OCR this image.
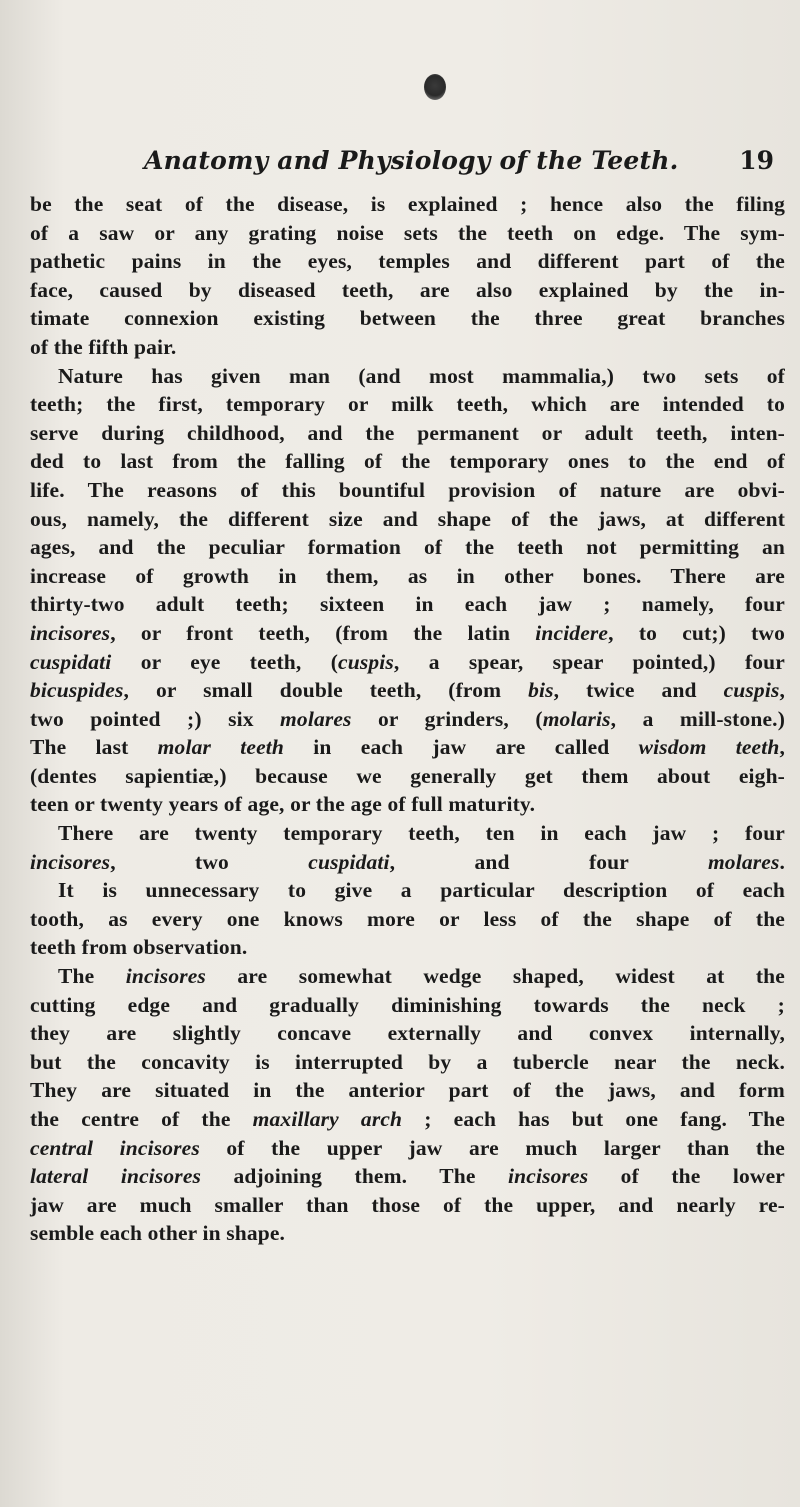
Anatomy and Physiology of the Teeth. 19
be the seat of the disease, is explained ; hence also the filing
of a saw or any grating noise sets the teeth on edge. The sym-
pathetic pains in the eyes, temples and different part of the
face, caused by diseased teeth, are also explained by the in-
timate connexion existing between the three great branches
of the fifth pair.
Nature has given man (and most mammalia,) two sets of
teeth; the first, temporary or milk teeth, which are intended to
serve during childhood, and the permanent or adult teeth, inten-
ded to last from the falling of the temporary ones to the end of
life. The reasons of this bountiful provision of nature are obvi-
ous, namely, the different size and shape of the jaws, at different
ages, and the peculiar formation of the teeth not permitting an
increase of growth in them, as in other bones. There are
thirty-two adult teeth; sixteen in each jaw ; namely, four
incisores, or front teeth, (from the latin incidere, to cut;) two
cuspidati or eye teeth, (cuspis, a spear, spear pointed,) four
bicuspides, or small double teeth, (from bis, twice and cuspis,
two pointed ;) six molares or grinders, (molaris, a mill-stone.)
The last molar teeth in each jaw are called wisdom teeth,
(dentes sapientiæ,) because we generally get them about eigh-
teen or twenty years of age, or the age of full maturity.
There are twenty temporary teeth, ten in each jaw ; four
incisores, two cuspidati, and four molares.
It is unnecessary to give a particular description of each
tooth, as every one knows more or less of the shape of the
teeth from observation.
The incisores are somewhat wedge shaped, widest at the
cutting edge and gradually diminishing towards the neck ;
they are slightly concave externally and convex internally,
but the concavity is interrupted by a tubercle near the neck.
They are situated in the anterior part of the jaws, and form
the centre of the maxillary arch ; each has but one fang. The
central incisores of the upper jaw are much larger than the
lateral incisores adjoining them. The incisores of the lower
jaw are much smaller than those of the upper, and nearly re-
semble each other in shape.
